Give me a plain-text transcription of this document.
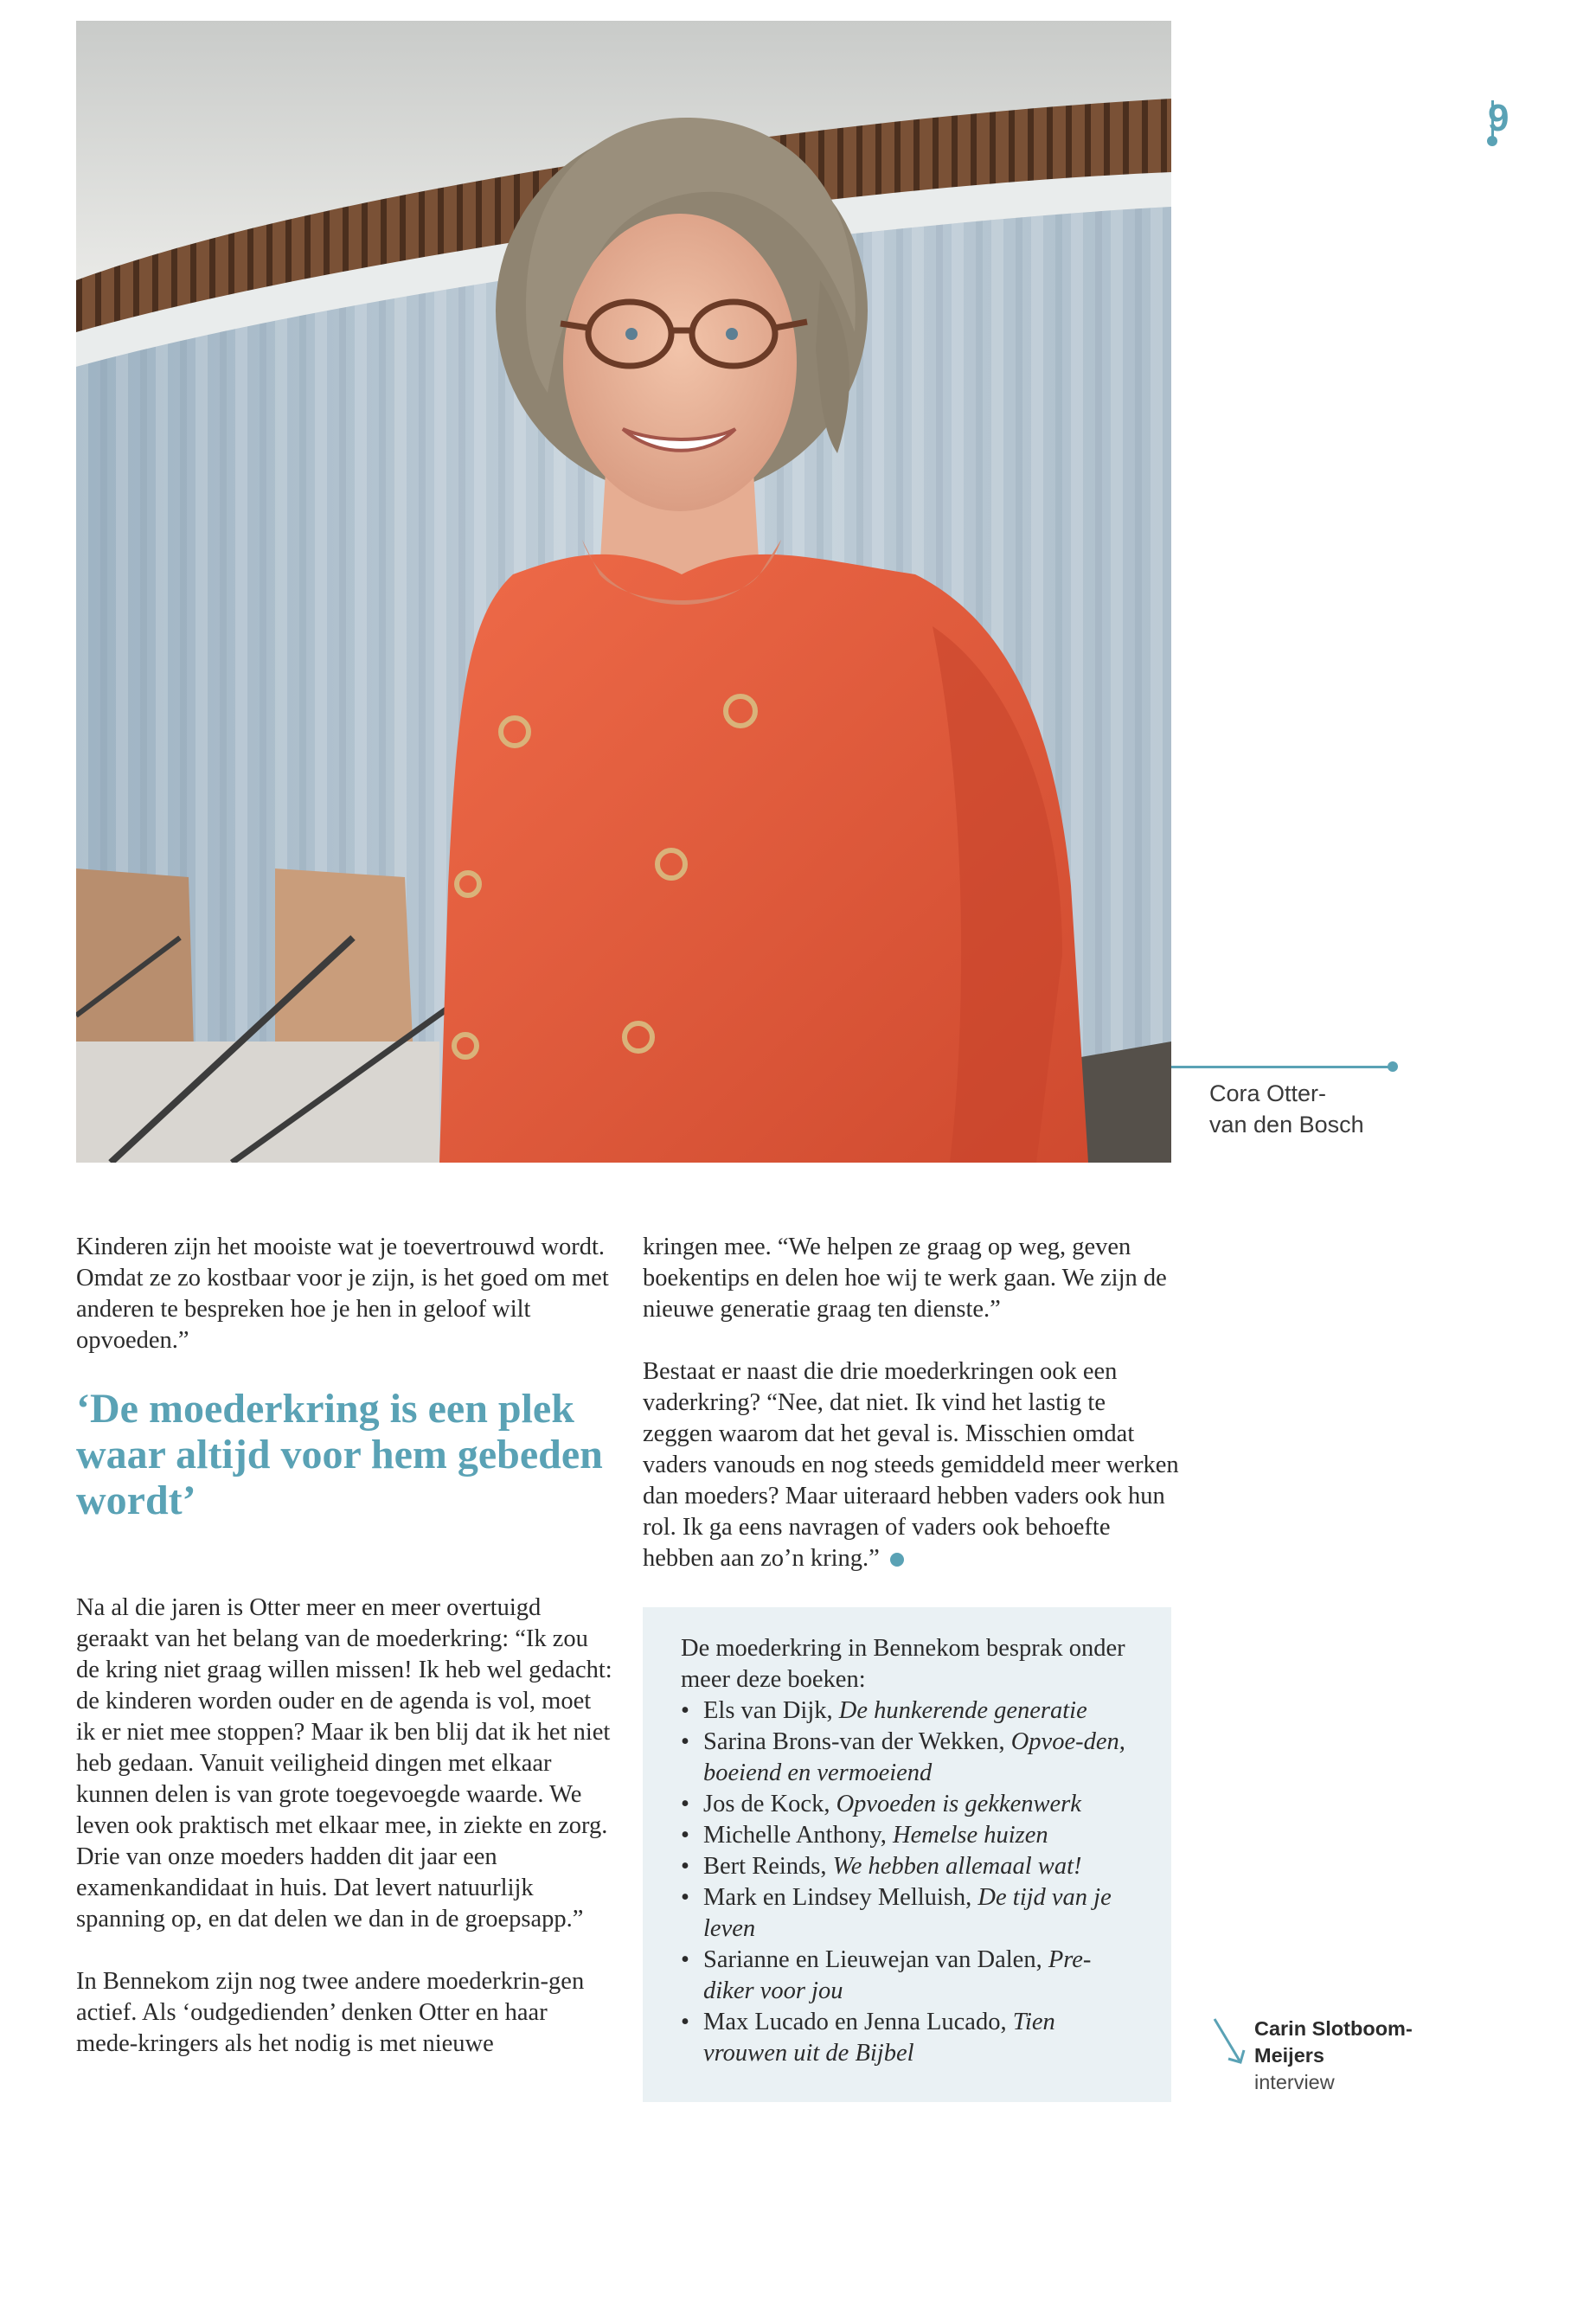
9
Cora Otter-
van den Bosch

Kinderen zijn het mooiste wat je toevertrouwd wordt. Omdat ze zo kostbaar voor je zijn, is het goed om met anderen te bespreken hoe je hen in geloof wilt opvoeden.”

‘De moederkring is een plek waar altijd voor hem gebeden wordt’

Na al die jaren is Otter meer en meer overtuigd geraakt van het belang van de moederkring: “Ik zou de kring niet graag willen missen! Ik heb wel gedacht: de kinderen worden ouder en de agenda is vol, moet ik er niet mee stoppen? Maar ik ben blij dat ik het niet heb gedaan. Vanuit veiligheid dingen met elkaar kunnen delen is van grote toegevoegde waarde. We leven ook praktisch met elkaar mee, in ziekte en zorg. Drie van onze moeders hadden dit jaar een examenkandidaat in huis. Dat levert natuurlijk spanning op, en dat delen we dan in de groepsapp.”

In Bennekom zijn nog twee andere moederkrin-gen actief. Als ‘oudgedienden’ denken Otter en haar mede-kringers als het nodig is met nieuwe

kringen mee. “We helpen ze graag op weg, geven boekentips en delen hoe wij te werk gaan. We zijn de nieuwe generatie graag ten dienste.”

Bestaat er naast die drie moederkringen ook een vaderkring? “Nee, dat niet. Ik vind het lastig te zeggen waarom dat het geval is. Misschien omdat vaders vanouds en nog steeds gemiddeld meer werken dan moeders? Maar uiteraard hebben vaders ook hun rol. Ik ga eens navragen of vaders ook behoefte hebben aan zo’n kring.”

De moederkring in Bennekom besprak onder meer deze boeken:
• Els van Dijk, De hunkerende generatie
• Sarina Brons-van der Wekken, Opvoe-den, boeiend en vermoeiend
• Jos de Kock, Opvoeden is gekkenwerk
• Michelle Anthony, Hemelse huizen
• Bert Reinds, We hebben allemaal wat!
• Mark en Lindsey Melluish, De tijd van je leven
• Sarianne en Lieuwejan van Dalen, Pre-diker voor jou
• Max Lucado en Jenna Lucado, Tien vrouwen uit de Bijbel
Carin Slotboom-Meijers
interview
